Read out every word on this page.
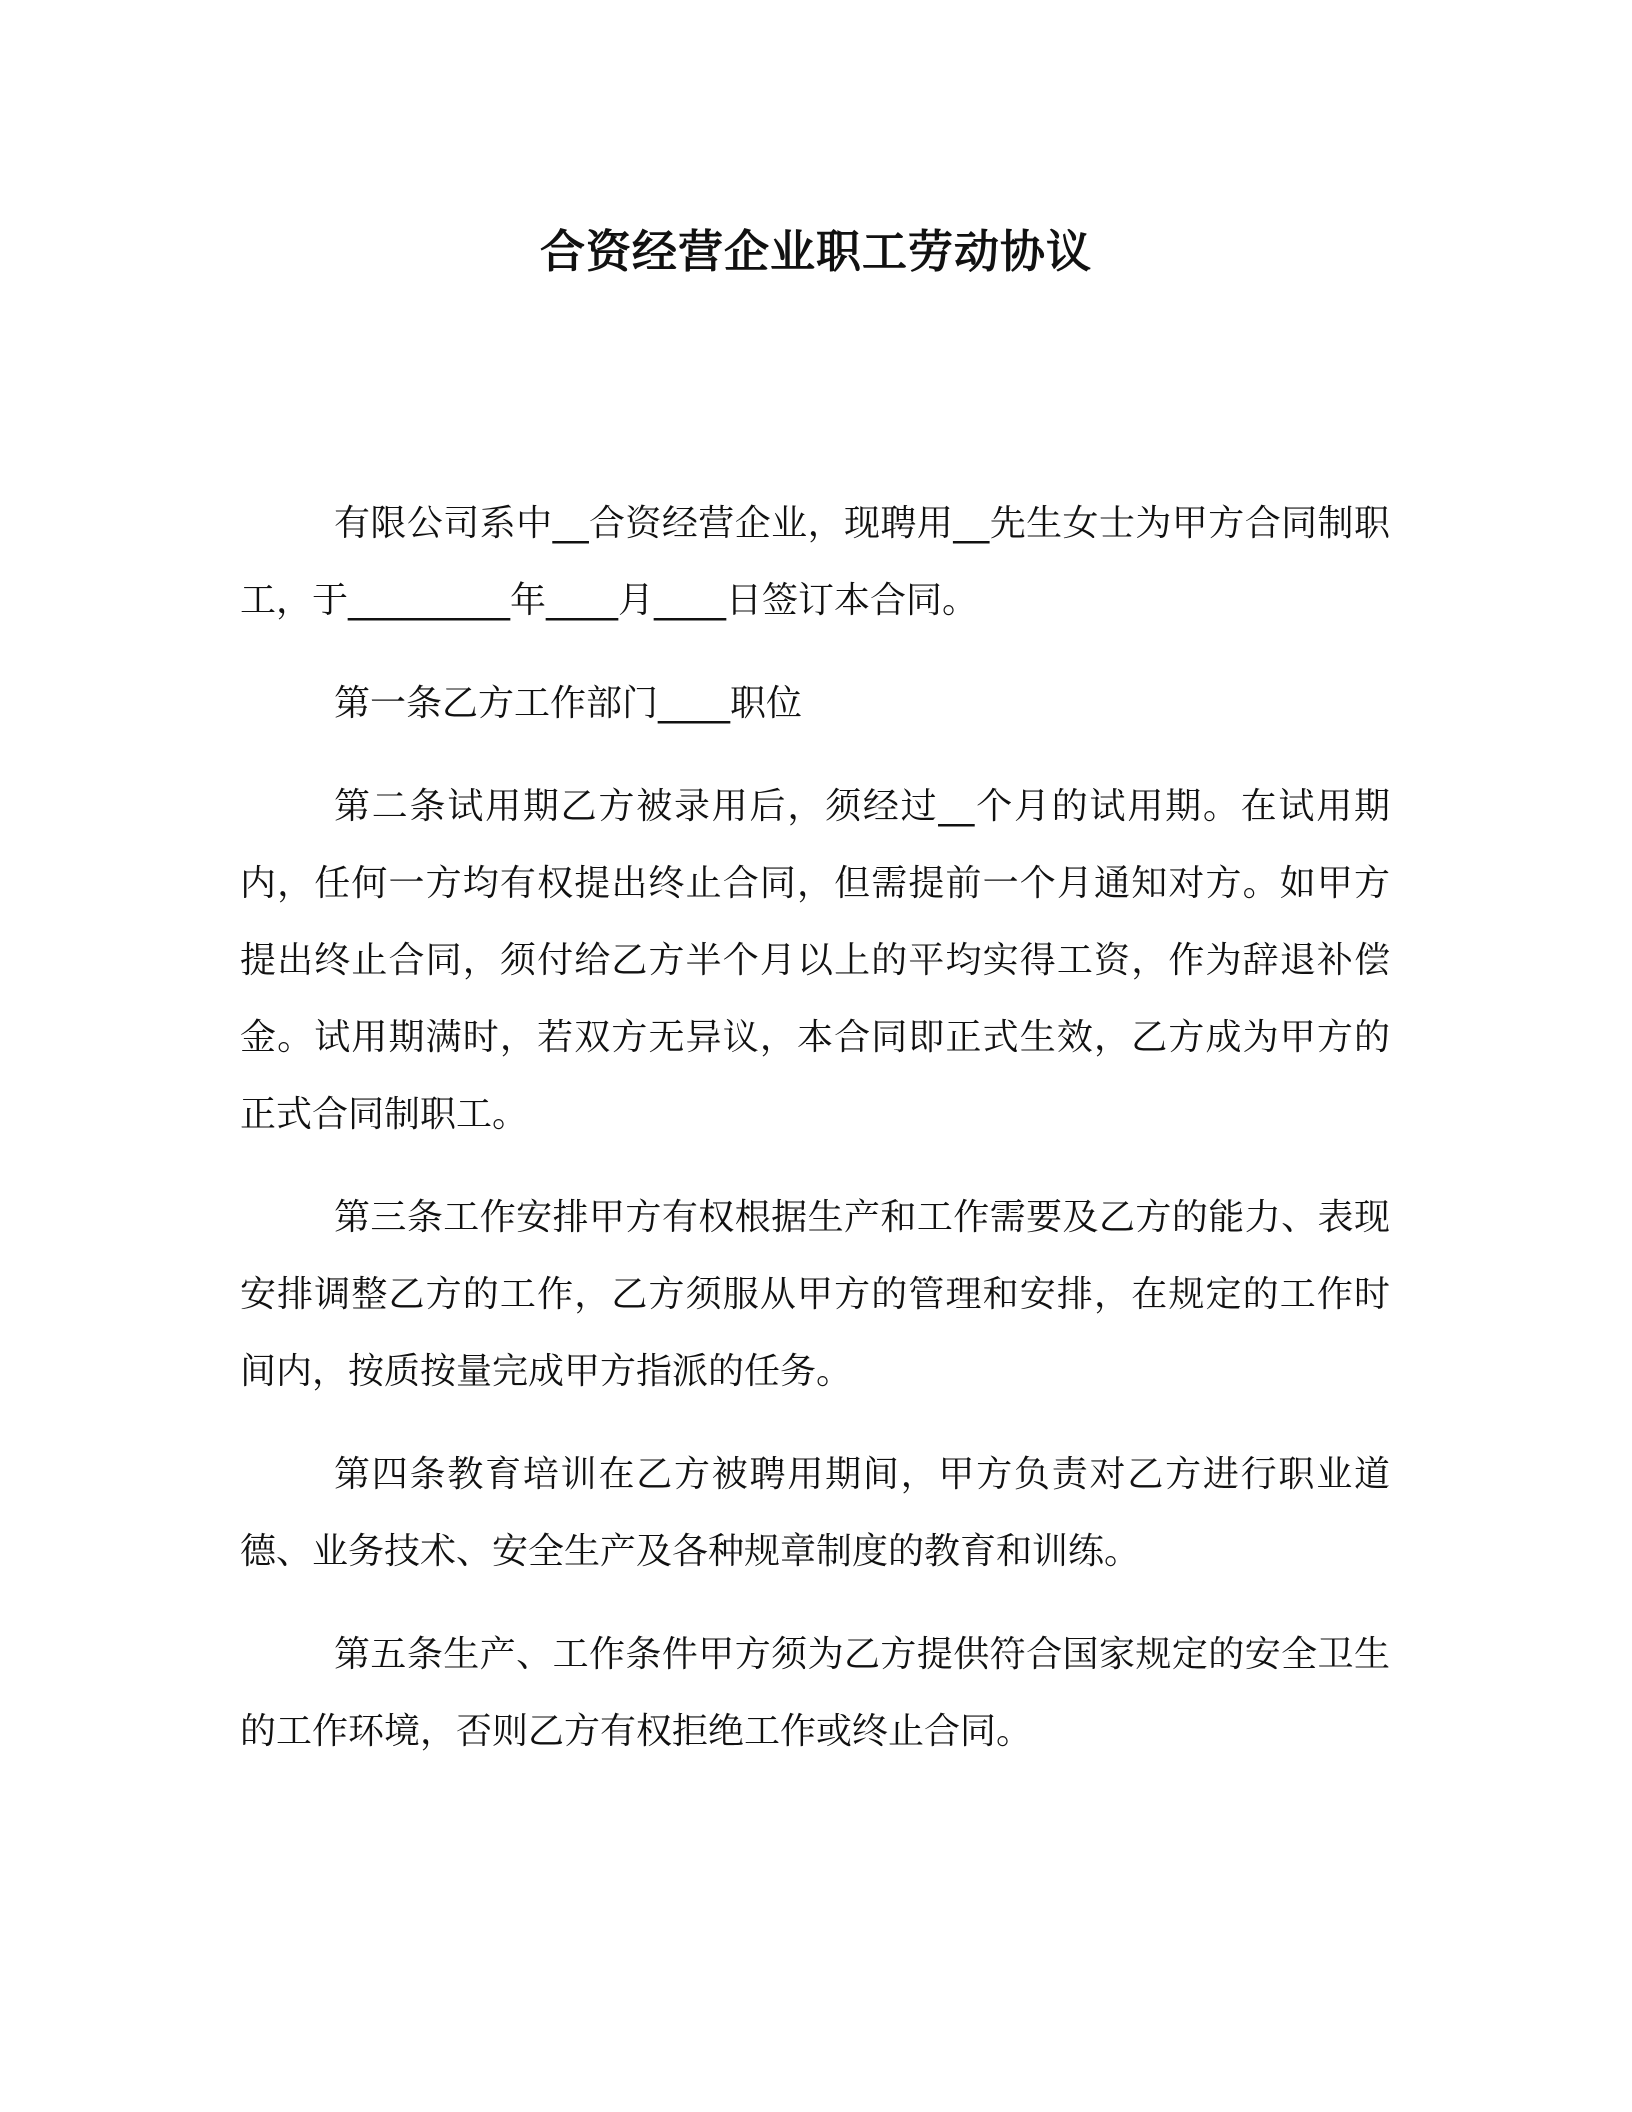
合资经营企业职工劳动协议

有限公司系中__合资经营企业，现聘用__先生女士为甲方合同制职工，于_________年____月____日签订本合同。

第一条乙方工作部门____职位

第二条试用期乙方被录用后，须经过__个月的试用期。在试用期内，任何一方均有权提出终止合同，但需提前一个月通知对方。如甲方提出终止合同，须付给乙方半个月以上的平均实得工资，作为辞退补偿金。试用期满时，若双方无异议，本合同即正式生效，乙方成为甲方的正式合同制职工。

第三条工作安排甲方有权根据生产和工作需要及乙方的能力、表现安排调整乙方的工作，乙方须服从甲方的管理和安排，在规定的工作时间内，按质按量完成甲方指派的任务。

第四条教育培训在乙方被聘用期间，甲方负责对乙方进行职业道德、业务技术、安全生产及各种规章制度的教育和训练。

第五条生产、工作条件甲方须为乙方提供符合国家规定的安全卫生的工作环境，否则乙方有权拒绝工作或终止合同。
